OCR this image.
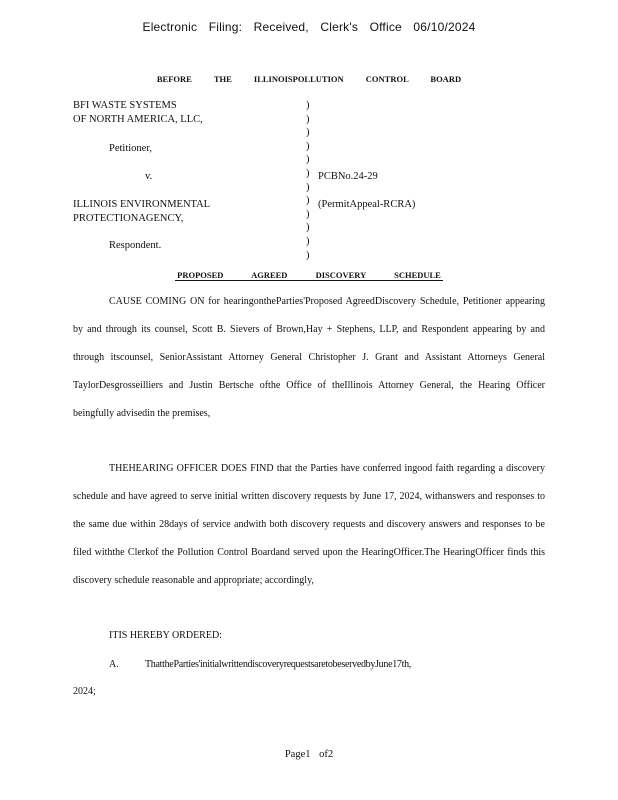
Electronic Filing: Received, Clerk's Office 06/10/2024
BEFORE THE ILLINOISPOLLUTION CONTROL BOARD
BFI WASTE SYSTEMS
OF NORTH AMERICA, LLC,
Petitioner,
v.	PCBNo.24-29
ILLINOIS ENVIRONMENTAL
PROTECTIONAGENCY,
(PermitAppeal-RCRA)
Respondent.
)
)
)
)
)
)
)
)
)
)
)
)
PROPOSED AGREED DISCOVERY SCHEDULE
CAUSE COMING ON for hearingontheParties'Proposed AgreedDiscovery Schedule, Petitioner appearing by and through its counsel, Scott B. Sievers of Brown,Hay + Stephens, LLP, and Respondent appearing by and through itscounsel, SeniorAssistant Attorney General Christopher J. Grant and Assistant Attorneys General TaylorDesgrosseilliers and Justin Bertsche ofthe Office of theIllinois Attorney General, the Hearing Officer beingfully advisedin the premises,
THEHEARING OFFICER DOES FIND that the Parties have conferred ingood faith regarding a discovery schedule and have agreed to serve initial written discovery requests by June 17, 2024, withanswers and responses to the same due within 28days of service andwith both discovery requests and discovery answers and responses to be filed withthe Clerkof the Pollution Control Boardand served upon the HearingOfficer.The HearingOfficer finds this discovery schedule reasonable and appropriate; accordingly,
ITIS HEREBY ORDERED:
A.	ThattheParties'initialwrittendiscoveryrequestsaretobeservedbyJune17th,
2024;
Page1 of2
